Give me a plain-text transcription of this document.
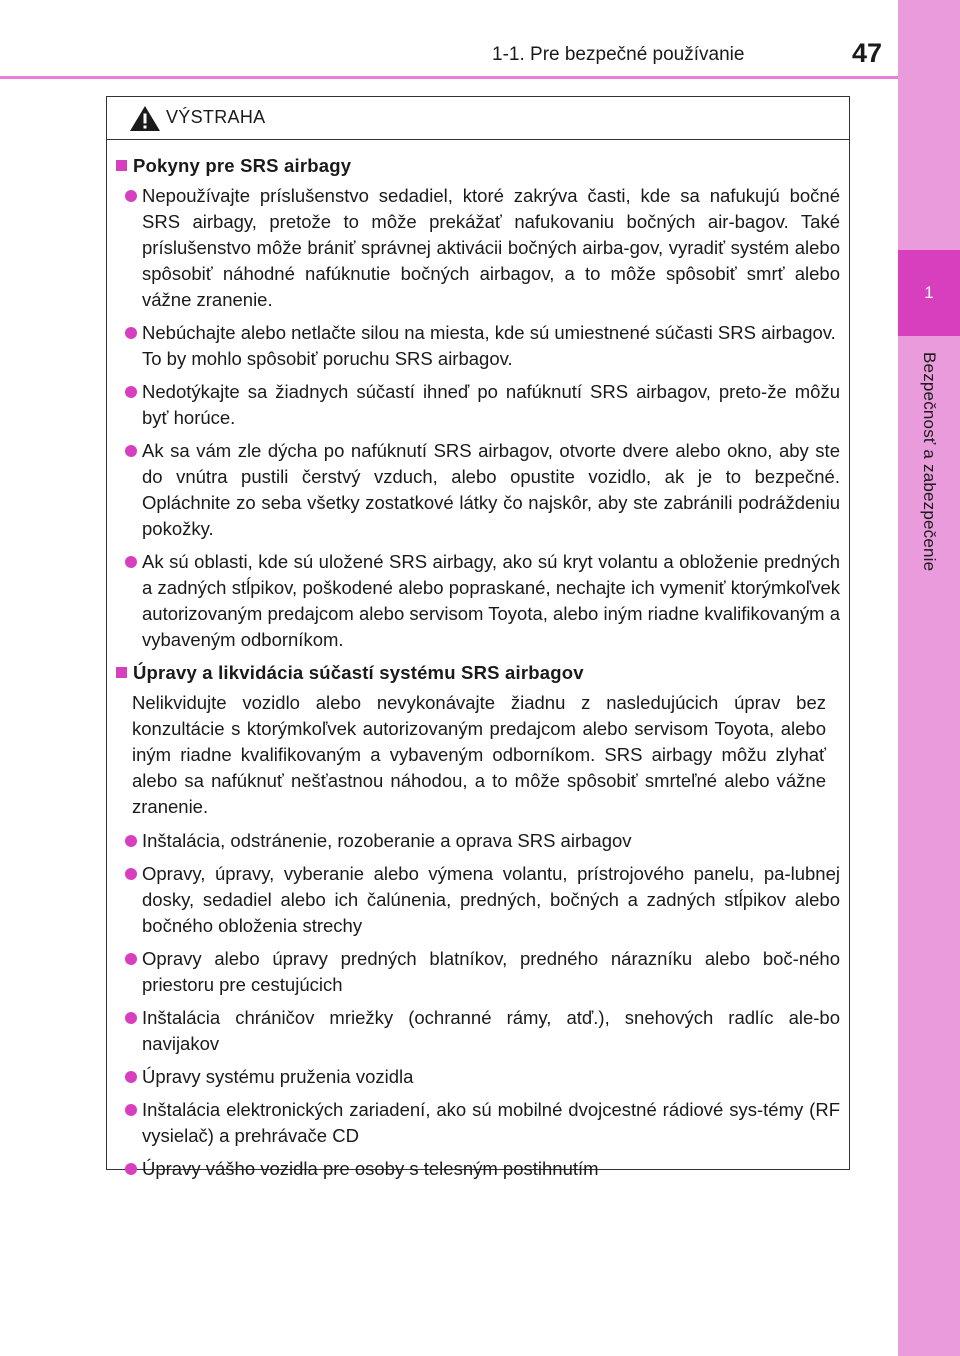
1-1. Pre bezpečné používanie	47
1
Bezpečnosť a zabezpečenie
VÝSTRAHA
Pokyny pre SRS airbagy
Nepoužívajte príslušenstvo sedadiel, ktoré zakrýva časti, kde sa nafukujú bočné SRS airbagy, pretože to môže prekážať nafukovaniu bočných air-bagov. Také príslušenstvo môže brániť správnej aktivácii bočných airba-gov, vyradiť systém alebo spôsobiť náhodné nafúknutie bočných airbagov, a to môže spôsobiť smrť alebo vážne zranenie.
Nebúchajte alebo netlačte silou na miesta, kde sú umiestnené súčasti SRS airbagov.
To by mohlo spôsobiť poruchu SRS airbagov.
Nedotýkajte sa žiadnych súčastí ihneď po nafúknutí SRS airbagov, preto-že môžu byť horúce.
Ak sa vám zle dýcha po nafúknutí SRS airbagov, otvorte dvere alebo okno, aby ste do vnútra pustili čerstvý vzduch, alebo opustite vozidlo, ak je to bezpečné. Opláchnite zo seba všetky zostatkové látky čo najskôr, aby ste zabránili podráždeniu pokožky.
Ak sú oblasti, kde sú uložené SRS airbagy, ako sú kryt volantu a obloženie predných a zadných stĺpikov, poškodené alebo popraskané, nechajte ich vymeniť ktorýmkoľvek autorizovaným predajcom alebo servisom Toyota, alebo iným riadne kvalifikovaným a vybaveným odborníkom.
Úpravy a likvidácia súčastí systému SRS airbagov
Nelikvidujte vozidlo alebo nevykonávajte žiadnu z nasledujúcich úprav bez konzultácie s ktorýmkoľvek autorizovaným predajcom alebo servisom Toyota, alebo iným riadne kvalifikovaným a vybaveným odborníkom. SRS airbagy môžu zlyhať alebo sa nafúknuť nešťastnou náhodou, a to môže spôsobiť smrteľné alebo vážne zranenie.
Inštalácia, odstránenie, rozoberanie a oprava SRS airbagov
Opravy, úpravy, vyberanie alebo výmena volantu, prístrojového panelu, pa-lubnej dosky, sedadiel alebo ich čalúnenia, predných, bočných a zadných stĺpikov alebo bočného obloženia strechy
Opravy alebo úpravy predných blatníkov, predného nárazníku alebo boč-ného priestoru pre cestujúcich
Inštalácia chráničov mriežky (ochranné rámy, atď.), snehových radlíc ale-bo navijakov
Úpravy systému pruženia vozidla
Inštalácia elektronických zariadení, ako sú mobilné dvojcestné rádiové sys-témy (RF vysielač) a prehrávače CD
Úpravy vášho vozidla pre osoby s telesným postihnutím
